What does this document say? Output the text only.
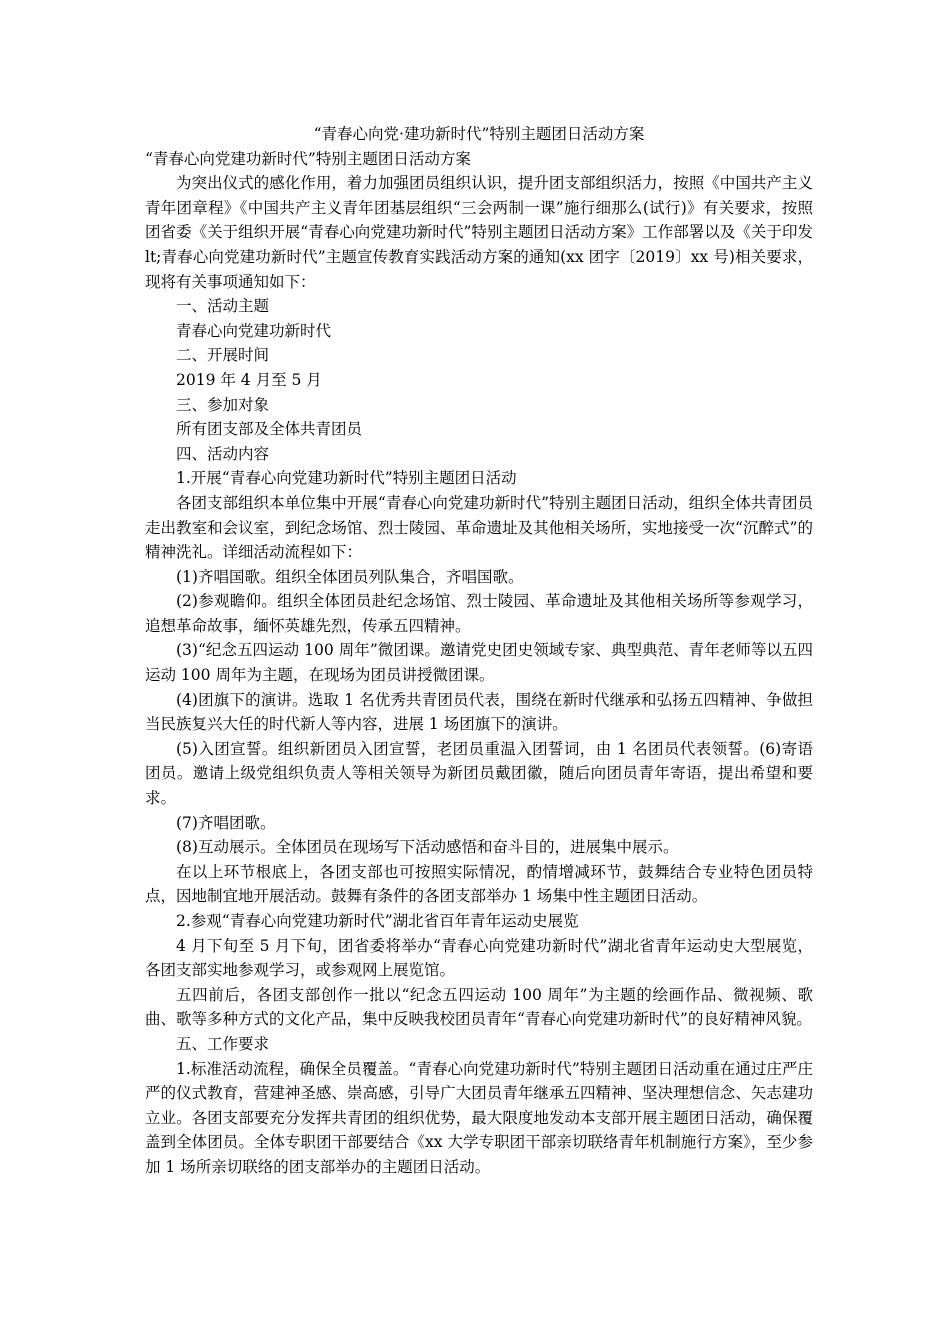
“青春心向党·建功新时代”特别主题团日活动方案

“青春心向党建功新时代”特别主题团日活动方案

为突出仪式的感化作用，着力加强团员组织认识，提升团支部组织活力，按照《中国共产主义青年团章程》《中国共产主义青年团基层组织“三会两制一课”施行细那么(试行)》有关要求，按照团省委《关于组织开展“青春心向党建功新时代”特别主题团日活动方案》工作部署以及《关于印发 lt;青春心向党建功新时代”主题宣传教育实践活动方案的通知(xx 团字〔2019〕xx 号)相关要求，现将有关事项通知如下：

一、活动主题

青春心向党建功新时代

二、开展时间

2019 年 4 月至 5 月

三、参加对象

所有团支部及全体共青团员

四、活动内容

1.开展“青春心向党建功新时代”特别主题团日活动

各团支部组织本单位集中开展“青春心向党建功新时代”特别主题团日活动，组织全体共青团员走出教室和会议室，到纪念场馆、烈士陵园、革命遗址及其他相关场所，实地接受一次“沉醉式”的精神洗礼。详细活动流程如下：

(1)齐唱国歌。组织全体团员列队集合，齐唱国歌。

(2)参观瞻仰。组织全体团员赴纪念场馆、烈士陵园、革命遗址及其他相关场所等参观学习，追想革命故事，缅怀英雄先烈，传承五四精神。

(3)“纪念五四运动 100 周年”微团课。邀请党史团史领域专家、典型典范、青年老师等以五四运动 100 周年为主题，在现场为团员讲授微团课。

(4)团旗下的演讲。选取 1 名优秀共青团员代表，围绕在新时代继承和弘扬五四精神、争做担当民族复兴大任的时代新人等内容，进展 1 场团旗下的演讲。

(5)入团宣誓。组织新团员入团宣誓，老团员重温入团誓词，由 1 名团员代表领誓。(6)寄语团员。邀请上级党组织负责人等相关领导为新团员戴团徽，随后向团员青年寄语，提出希望和要求。

(7)齐唱团歌。

(8)互动展示。全体团员在现场写下活动感悟和奋斗目的，进展集中展示。

在以上环节根底上，各团支部也可按照实际情况，酌情增减环节，鼓舞结合专业特色团员特点，因地制宜地开展活动。鼓舞有条件的各团支部举办 1 场集中性主题团日活动。

2.参观“青春心向党建功新时代”湖北省百年青年运动史展览

4 月下旬至 5 月下旬，团省委将举办“青春心向党建功新时代”湖北省青年运动史大型展览，各团支部实地参观学习，或参观网上展览馆。

五四前后，各团支部创作一批以“纪念五四运动 100 周年”为主题的绘画作品、微视频、歌曲、歌等多种方式的文化产品，集中反映我校团员青年“青春心向党建功新时代”的良好精神风貌。

五、工作要求

1.标准活动流程，确保全员覆盖。“青春心向党建功新时代”特别主题团日活动重在通过庄严庄严的仪式教育，营建神圣感、崇高感，引导广大团员青年继承五四精神、坚决理想信念、矢志建功立业。各团支部要充分发挥共青团的组织优势，最大限度地发动本支部开展主题团日活动，确保覆盖到全体团员。全体专职团干部要结合《xx 大学专职团干部亲切联络青年机制施行方案》，至少参加 1 场所亲切联络的团支部举办的主题团日活动。
